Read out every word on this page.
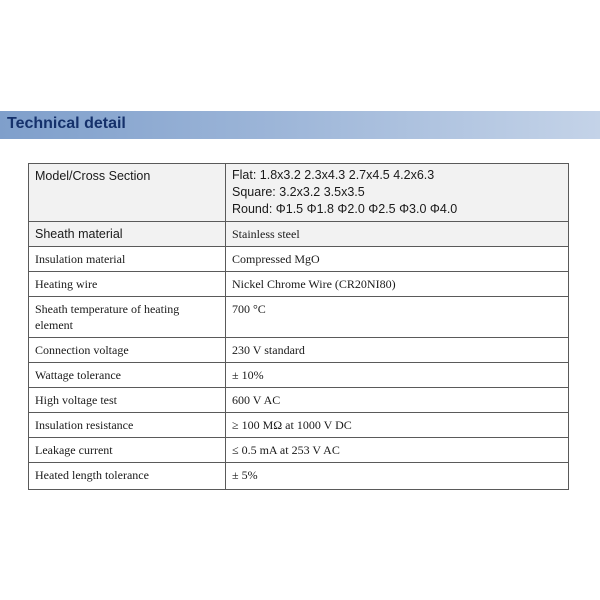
Technical detail
Model/Cross Section	Flat: 1.8x3.2 2.3x4.3 2.7x4.5 4.2x6.3
Square: 3.2x3.2 3.5x3.5
Round: Φ1.5 Φ1.8 Φ2.0 Φ2.5 Φ3.0 Φ4.0

Sheath material	Stainless steel
Insulation material	Compressed MgO
Heating wire	Nickel Chrome Wire (CR20NI80)
Sheath temperature of heating element	700 °C
Connection voltage	230 V standard
Wattage tolerance	± 10%
High voltage test	600 V AC
Insulation resistance	≥ 100 MΩ at 1000 V DC
Leakage current	≤ 0.5 mA at 253 V AC
Heated length tolerance	± 5%
